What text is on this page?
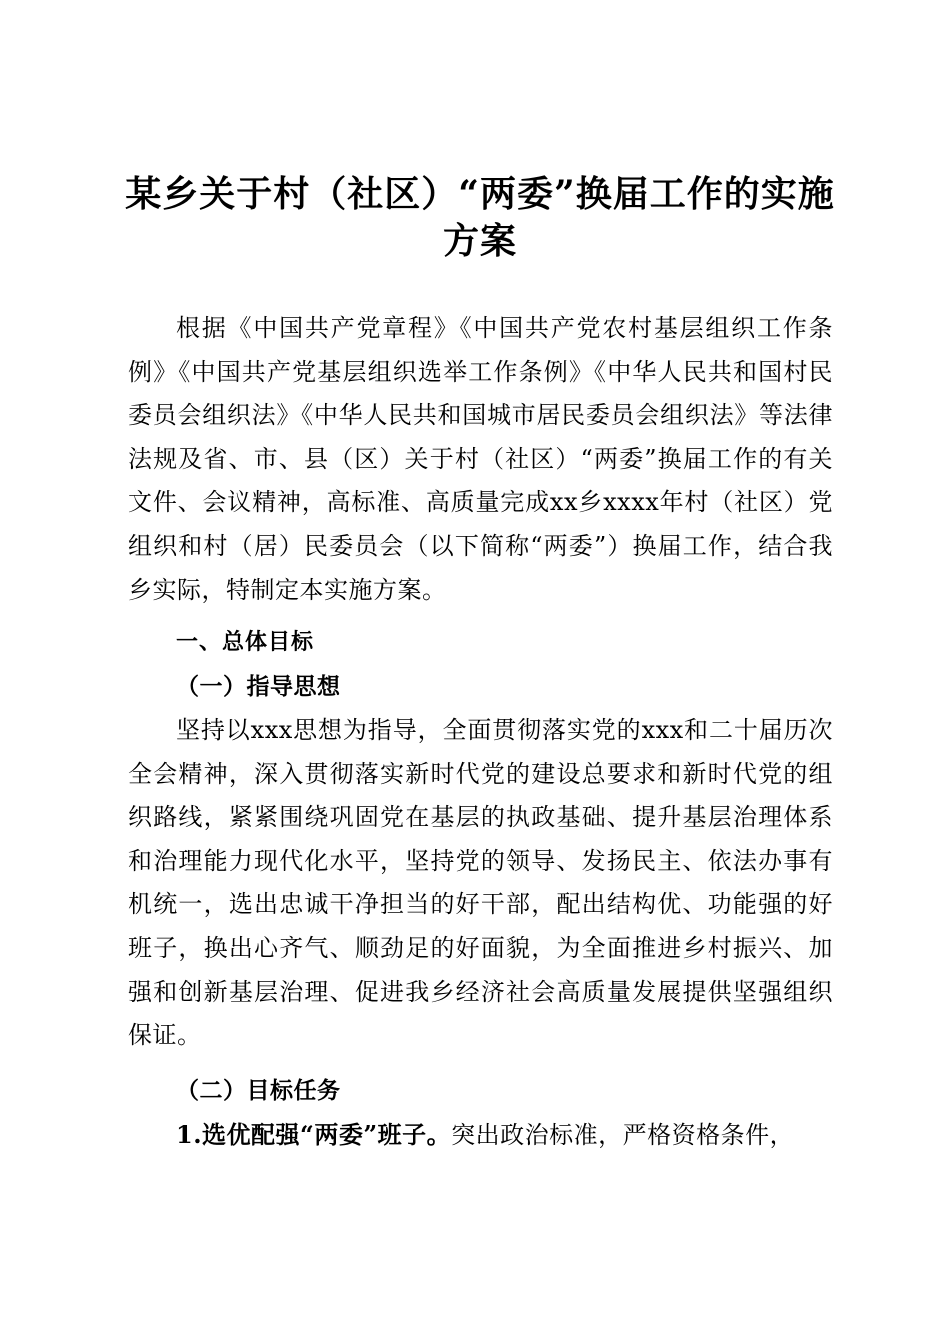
某乡关于村（社区）“两委”换届工作的实施
方案
根据《中国共产党章程》《中国共产党农村基层组织工作条例》《中国共产党基层组织选举工作条例》《中华人民共和国村民委员会组织法》《中华人民共和国城市居民委员会组织法》等法律法规及省、市、县（区）关于村（社区）“两委”换届工作的有关文件、会议精神，高标准、高质量完成xx乡xxxx年村（社区）党组织和村（居）民委员会（以下简称“两委”）换届工作，结合我乡实际，特制定本实施方案。
一、总体目标
（一）指导思想
坚持以xxx思想为指导，全面贯彻落实党的xxx和二十届历次全会精神，深入贯彻落实新时代党的建设总要求和新时代党的组织路线，紧紧围绕巩固党在基层的执政基础、提升基层治理体系和治理能力现代化水平，坚持党的领导、发扬民主、依法办事有机统一，选出忠诚干净担当的好干部，配出结构优、功能强的好班子，换出心齐气、顺劲足的好面貌，为全面推进乡村振兴、加强和创新基层治理、促进我乡经济社会高质量发展提供坚强组织保证。
（二）目标任务
1.选优配强“两委”班子。突出政治标准，严格资格条件，
